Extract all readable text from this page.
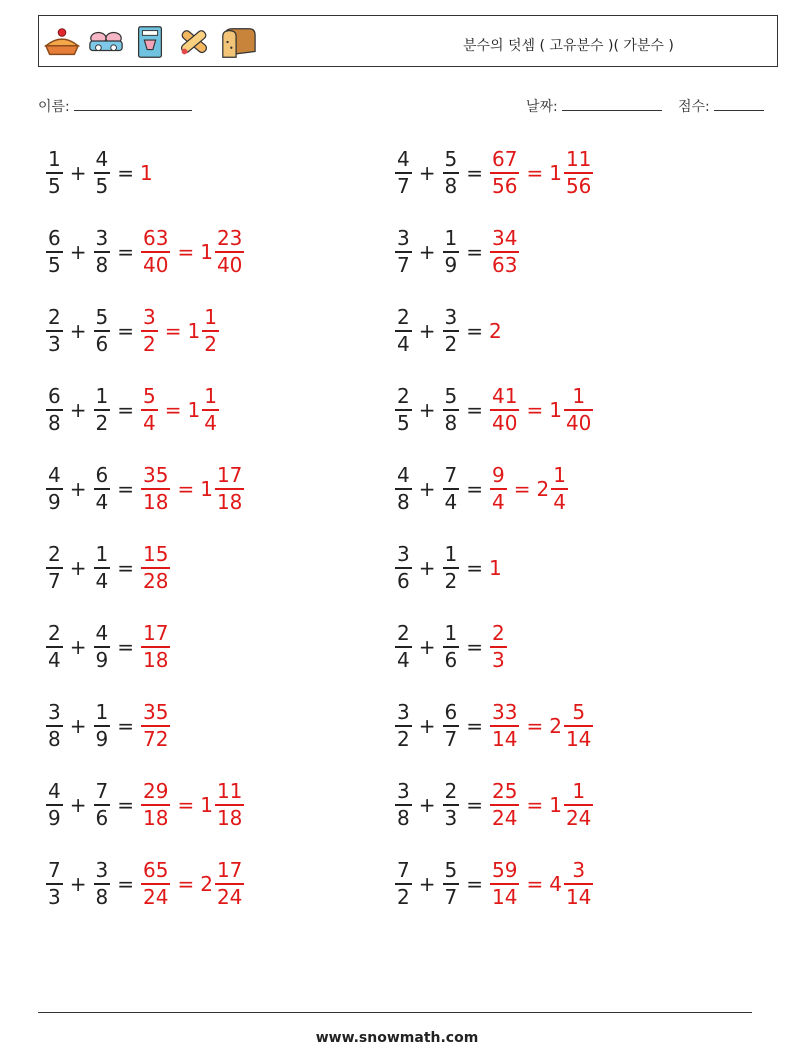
분수의 덧셈 ( 고유분수 )( 가분수 )
이름:	날짜:	점수:
$\frac{1}{5} + \frac{4}{5} = 1$
$\frac{6}{5} + \frac{3}{8} = \frac{63}{40} = 1 \frac{23}{40}$
$\frac{2}{3} + \frac{5}{6} = \frac{3}{2} = 1 \frac{1}{2}$
$\frac{6}{8} + \frac{1}{2} = \frac{5}{4} = 1 \frac{1}{4}$
$\frac{4}{9} + \frac{6}{4} = \frac{35}{18} = 1 \frac{17}{18}$
$\frac{2}{7} + \frac{1}{4} = \frac{15}{28}$
$\frac{2}{4} + \frac{4}{9} = \frac{17}{18}$
$\frac{3}{8} + \frac{1}{9} = \frac{35}{72}$
$\frac{4}{9} + \frac{7}{6} = \frac{29}{18} = 1 \frac{11}{18}$
$\frac{7}{3} + \frac{3}{8} = \frac{65}{24} = 2 \frac{17}{24}$
$\frac{4}{7} + \frac{5}{8} = \frac{67}{56} = 1 \frac{11}{56}$
$\frac{3}{7} + \frac{1}{9} = \frac{34}{63}$
$\frac{2}{4} + \frac{3}{2} = 2$
$\frac{2}{5} + \frac{5}{8} = \frac{41}{40} = 1 \frac{1}{40}$
$\frac{4}{8} + \frac{7}{4} = \frac{9}{4} = 2 \frac{1}{4}$
$\frac{3}{6} + \frac{1}{2} = 1$
$\frac{2}{4} + \frac{1}{6} = \frac{2}{3}$
$\frac{3}{2} + \frac{6}{7} = \frac{33}{14} = 2 \frac{5}{14}$
$\frac{3}{8} + \frac{2}{3} = \frac{25}{24} = 1 \frac{1}{24}$
$\frac{7}{2} + \frac{5}{7} = \frac{59}{14} = 4 \frac{3}{14}$
www.snowmath.com
